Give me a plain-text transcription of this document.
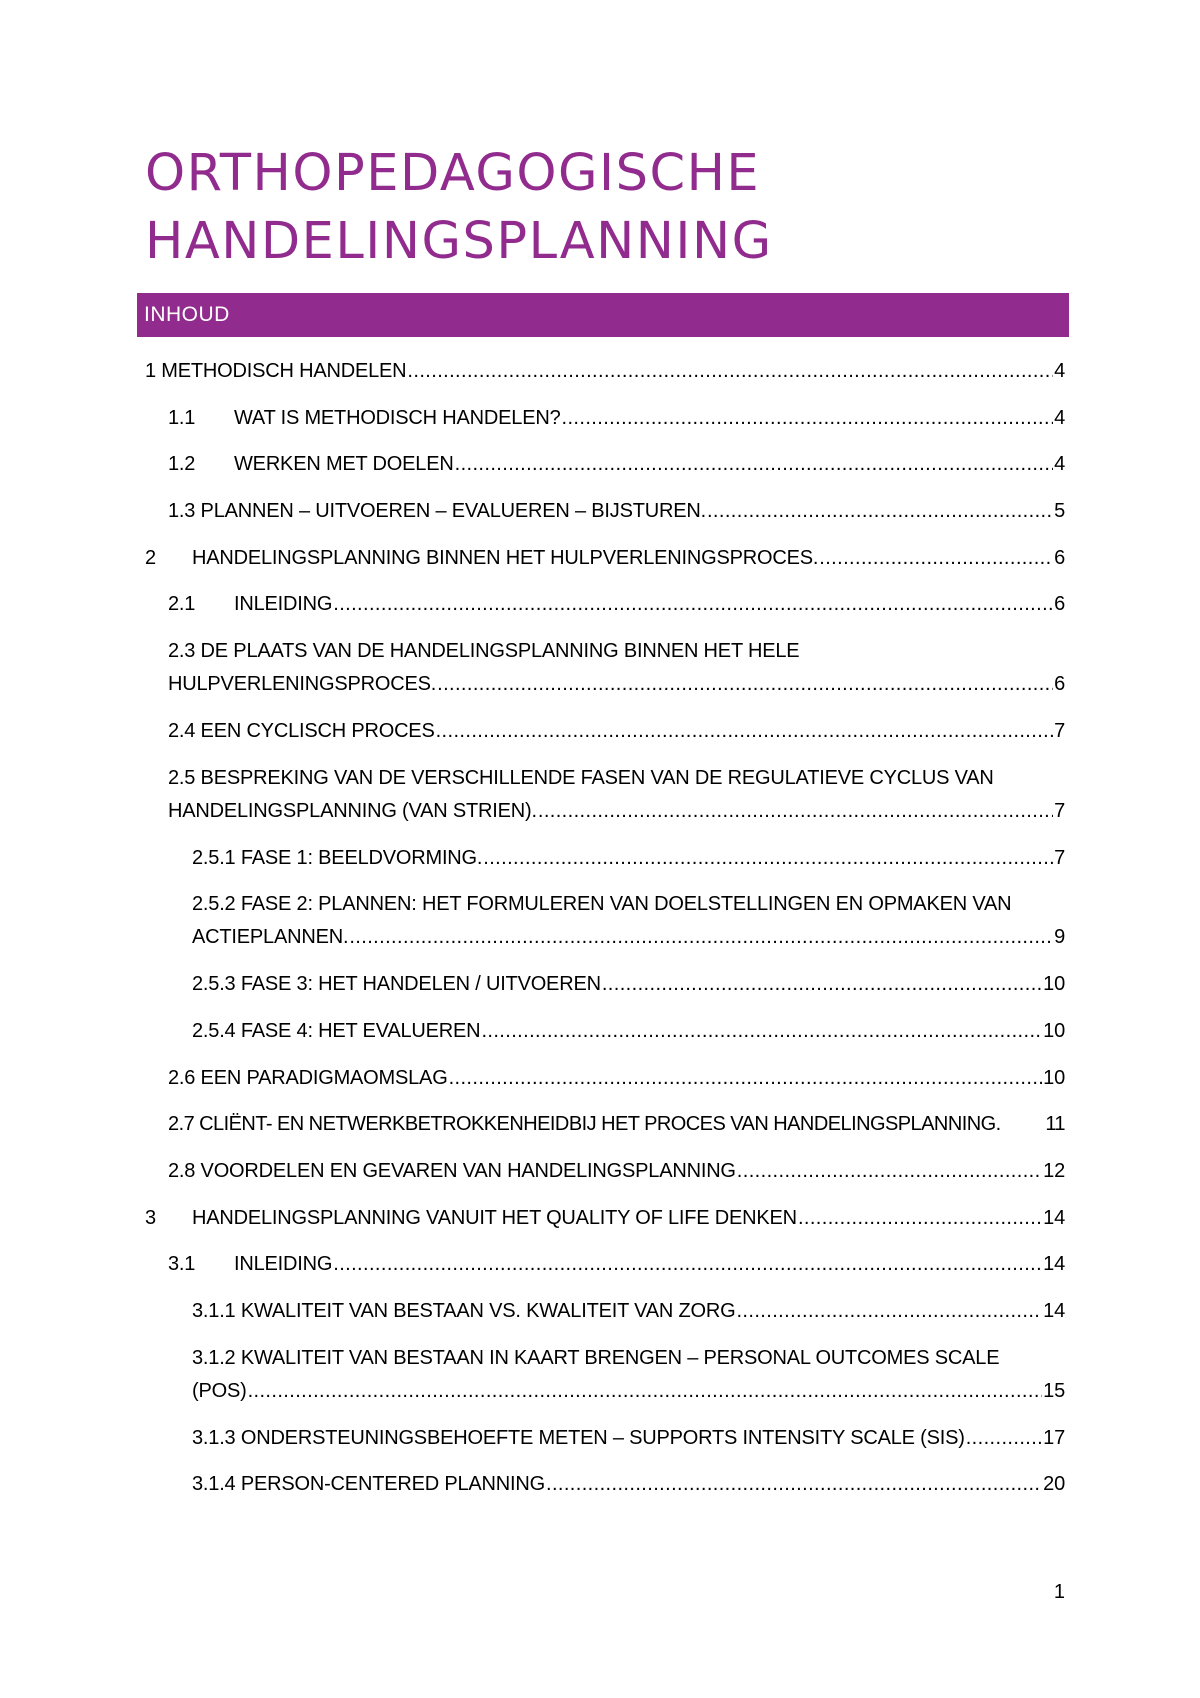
ORTHOPEDAGOGISCHE
HANDELINGSPLANNING
INHOUD
1 METHODISCH HANDELEN .....	4
1.1	WAT IS METHODISCH HANDELEN? .....	4
1.2	WERKEN MET DOELEN .....	4
1.3 PLANNEN – UITVOEREN – EVALUEREN – BIJSTUREN. .....	5
2	HANDELINGSPLANNING BINNEN HET HULPVERLENINGSPROCES. .....	6
2.1	INLEIDING .....	6
2.3 DE PLAATS VAN DE HANDELINGSPLANNING BINNEN HET HELE
HULPVERLENINGSPROCES. .....	6
2.4 EEN CYCLISCH PROCES .....	7
2.5 BESPREKING VAN DE VERSCHILLENDE FASEN VAN DE REGULATIEVE CYCLUS VAN
HANDELINGSPLANNING (VAN STRIEN). .....	7
2.5.1 FASE 1: BEELDVORMING. .....	7
2.5.2 FASE 2: PLANNEN: HET FORMULEREN VAN DOELSTELLINGEN EN OPMAKEN VAN
ACTIEPLANNEN. .....	9
2.5.3 FASE 3: HET HANDELEN / UITVOEREN .....	10
2.5.4 FASE 4: HET EVALUEREN .....	10
2.6 EEN PARADIGMAOMSLAG .....	10
2.7 CLIËNT- EN NETWERKBETROKKENHEIDBIJ HET PROCES VAN HANDELINGSPLANNING. 11
2.8 VOORDELEN EN GEVAREN VAN HANDELINGSPLANNING .....	12
3	HANDELINGSPLANNING VANUIT HET QUALITY OF LIFE DENKEN .....	14
3.1	INLEIDING .....	14
3.1.1 KWALITEIT VAN BESTAAN VS. KWALITEIT VAN ZORG .....	14
3.1.2 KWALITEIT VAN BESTAAN IN KAART BRENGEN – PERSONAL OUTCOMES SCALE
(POS) .....	15
3.1.3 ONDERSTEUNINGSBEHOEFTE METEN – SUPPORTS INTENSITY SCALE (SIS) .....	17
3.1.4 PERSON-CENTERED PLANNING .....	20
1
